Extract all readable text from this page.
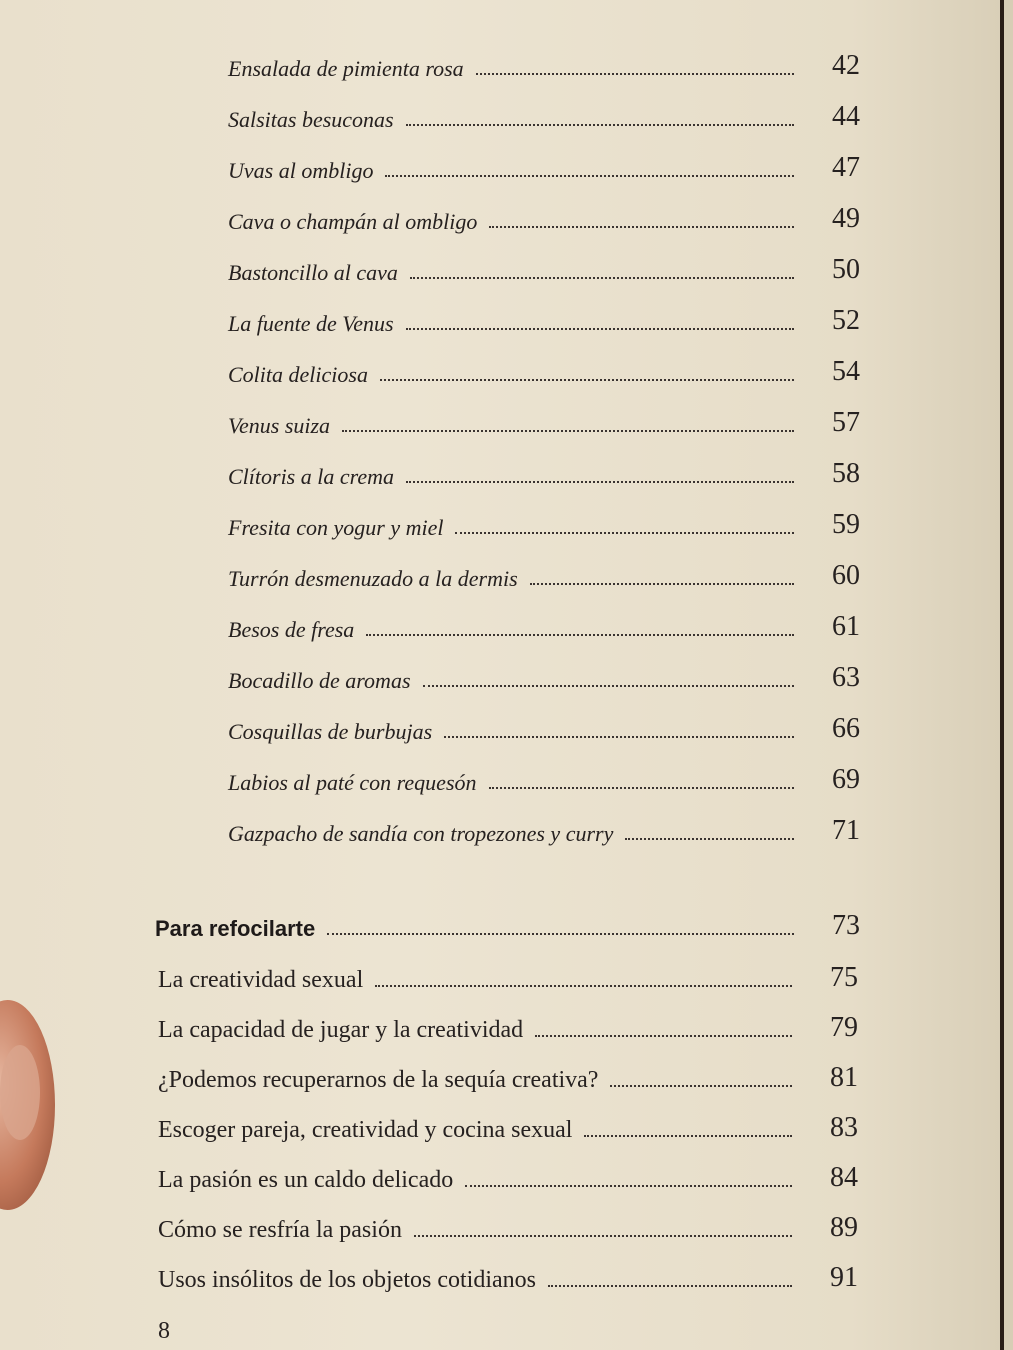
Ensalada de pimienta rosa	42
Salsitas besuconas	44
Uvas al ombligo	47
Cava o champán al ombligo	49
Bastoncillo al cava	50
La fuente de Venus	52
Colita deliciosa	54
Venus suiza	57
Clítoris a la crema	58
Fresita con yogur y miel	59
Turrón desmenuzado a la dermis	60
Besos de fresa	61
Bocadillo de aromas	63
Cosquillas de burbujas	66
Labios al paté con requesón	69
Gazpacho de sandía con tropezones y curry	71
Para refocilarte	73
La creatividad sexual	75
La capacidad de jugar y la creatividad	79
¿Podemos recuperarnos de la sequía creativa?	81
Escoger pareja, creatividad y cocina sexual	83
La pasión es un caldo delicado	84
Cómo se resfría la pasión	89
Usos insólitos de los objetos cotidianos	91
8
